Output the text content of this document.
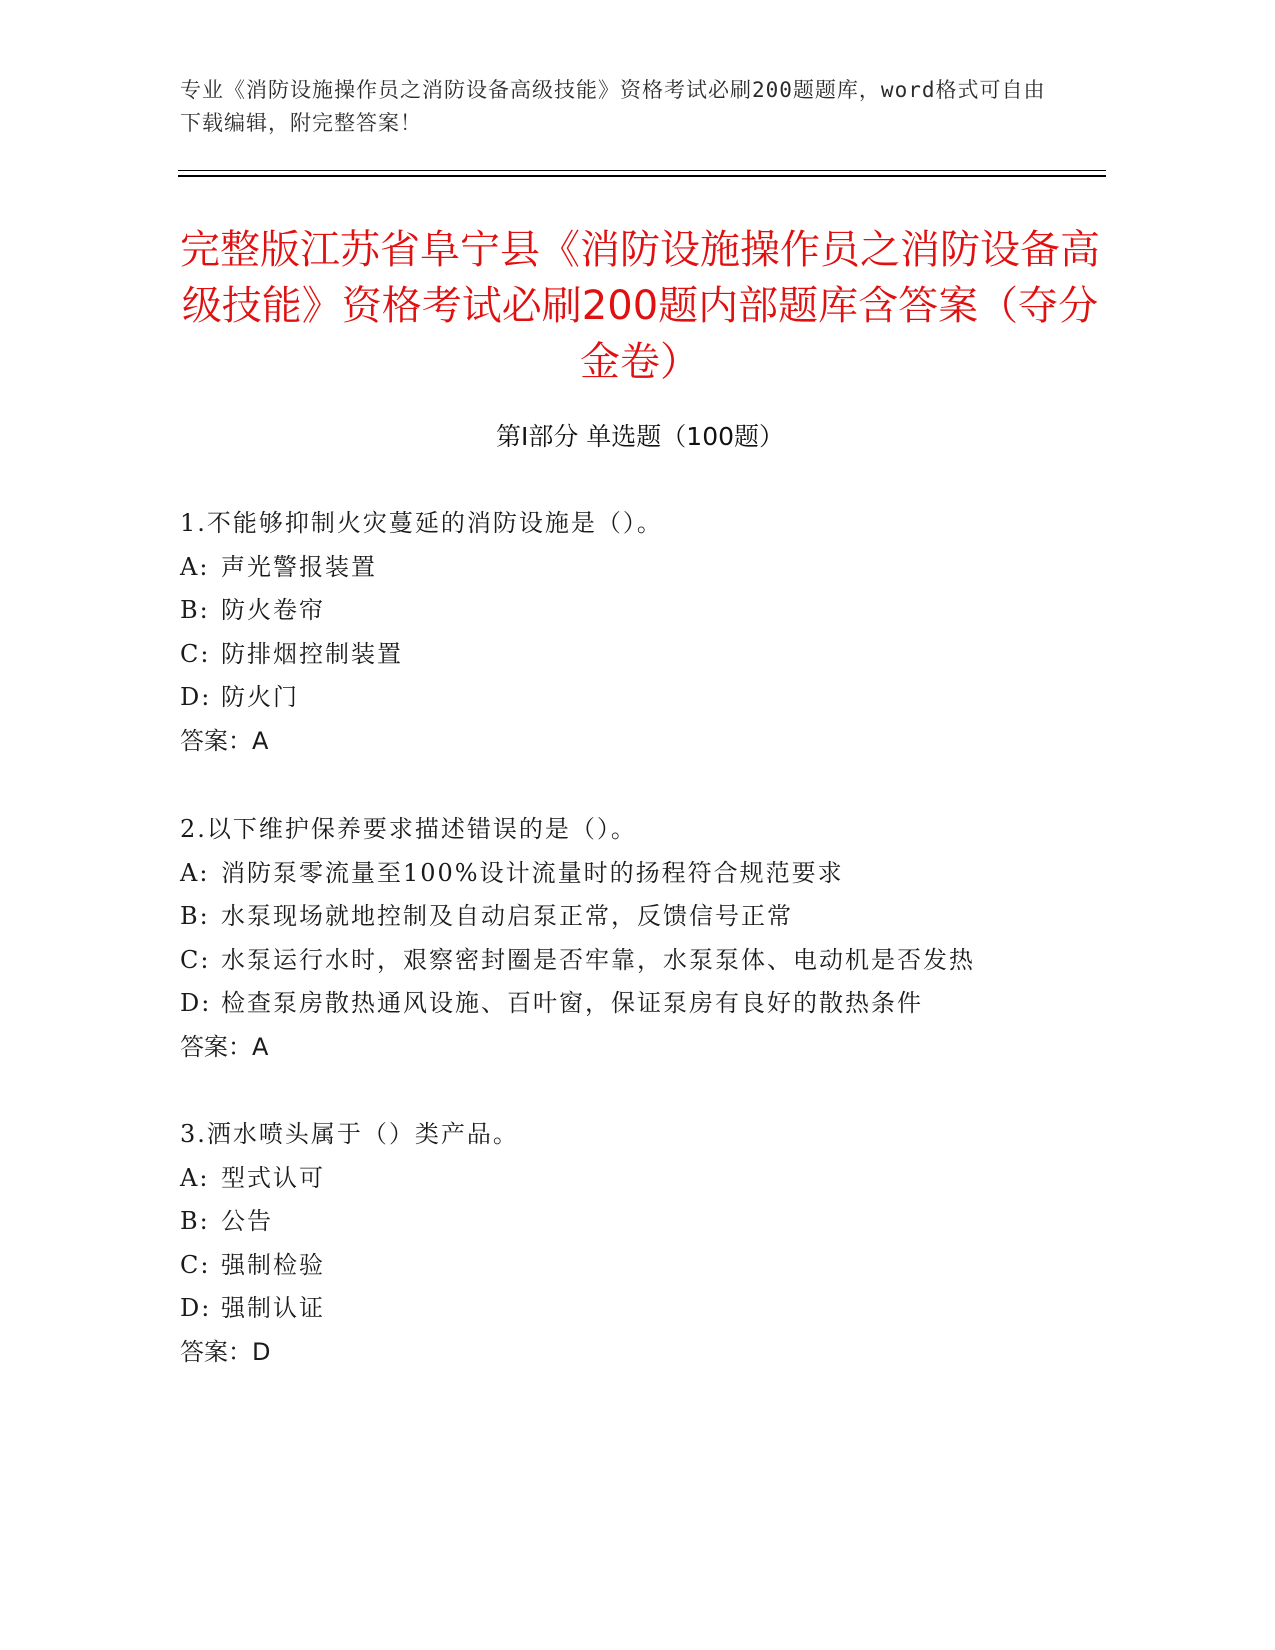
专业《消防设施操作员之消防设备高级技能》资格考试必刷200题题库，word格式可自由下载编辑，附完整答案！
完整版江苏省阜宁县《消防设施操作员之消防设备高级技能》资格考试必刷200题内部题库含答案（夺分金卷）
第I部分 单选题（100题）
1.不能够抑制火灾蔓延的消防设施是（）。
A: 声光警报装置
B: 防火卷帘
C: 防排烟控制装置
D: 防火门
答案：A
2.以下维护保养要求描述错误的是（）。
A: 消防泵零流量至100%设计流量时的扬程符合规范要求
B: 水泵现场就地控制及自动启泵正常，反馈信号正常
C: 水泵运行水时，艰察密封圈是否牢靠，水泵泵体、电动机是否发热
D: 检查泵房散热通风设施、百叶窗，保证泵房有良好的散热条件
答案：A
3.洒水喷头属于（）类产品。
A: 型式认可
B: 公告
C: 强制检验
D: 强制认证
答案：D
